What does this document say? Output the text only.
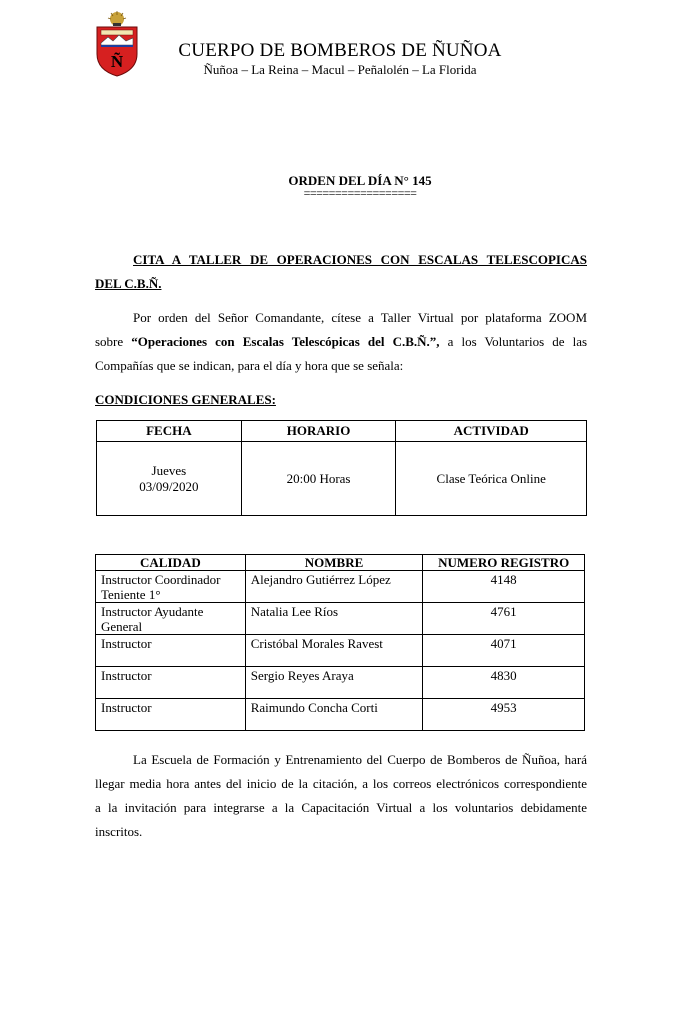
Ñ
CUERPO DE BOMBEROS DE ÑUÑOA
Ñuñoa – La Reina – Macul – Peñalolén – La Florida
ORDEN DEL DÍA N° 145
==================
CITA A TALLER DE OPERACIONES CON ESCALAS TELESCOPICAS
DEL C.B.Ñ.
Por orden del Señor Comandante, cítese a Taller Virtual por plataforma ZOOM
sobre “Operaciones con Escalas Telescópicas del C.B.Ñ.”, a los Voluntarios de las
Compañías que se indican, para el día y hora que se señala:
CONDICIONES GENERALES:
FECHA	HORARIO	ACTIVIDAD

Jueves
03/09/2020	20:00 Horas	Clase Teórica Online
CALIDAD	NOMBRE	NUMERO REGISTRO
Instructor Coordinador Teniente 1°	Alejandro Gutiérrez López	4148
Instructor Ayudante General	Natalia Lee Ríos	4761
Instructor	Cristóbal Morales Ravest	4071
Instructor	Sergio Reyes Araya	4830
Instructor	Raimundo Concha Corti	4953
La Escuela de Formación y Entrenamiento del Cuerpo de Bomberos de Ñuñoa, hará
llegar media hora antes del inicio de la citación, a los correos electrónicos correspondiente
a la invitación para integrarse a la Capacitación Virtual a los voluntarios debidamente
inscritos.
